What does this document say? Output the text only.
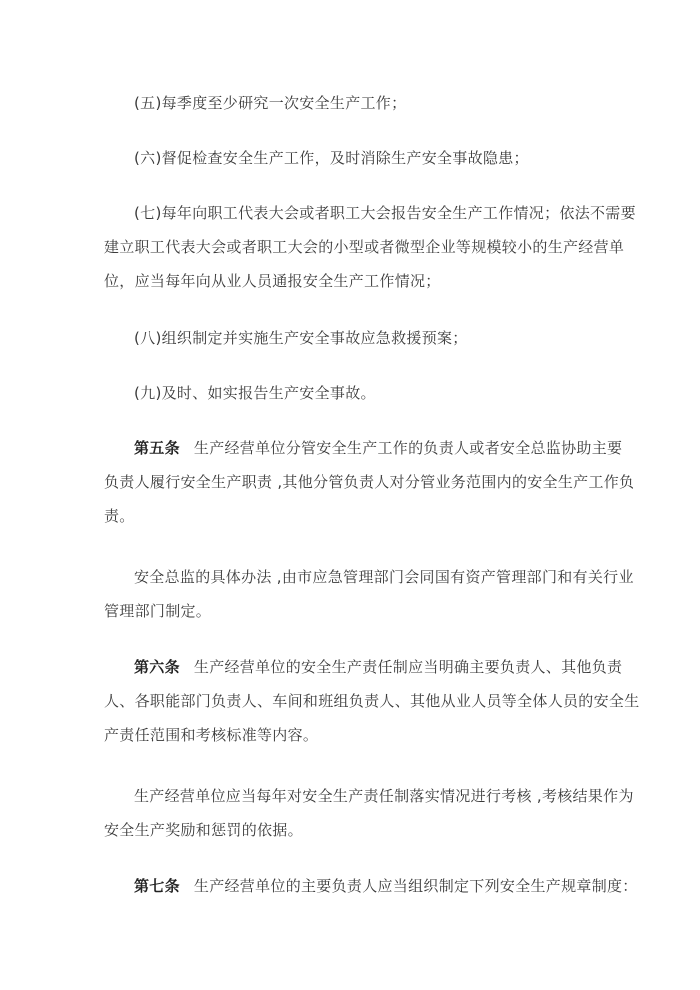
(五)每季度至少研究一次安全生产工作；

(六)督促检查安全生产工作，及时消除生产安全事故隐患；

(七)每年向职工代表大会或者职工大会报告安全生产工作情况；依法不需要
建立职工代表大会或者职工大会的小型或者微型企业等规模较小的生产经营单
位，应当每年向从业人员通报安全生产工作情况；

(八)组织制定并实施生产安全事故应急救援预案；

(九)及时、如实报告生产安全事故。

第五条 生产经营单位分管安全生产工作的负责人或者安全总监协助主要
负责人履行安全生产职责 ,其他分管负责人对分管业务范围内的安全生产工作负
责。

安全总监的具体办法 ,由市应急管理部门会同国有资产管理部门和有关行业
管理部门制定。

第六条 生产经营单位的安全生产责任制应当明确主要负责人、其他负责
人、各职能部门负责人、车间和班组负责人、其他从业人员等全体人员的安全生
产责任范围和考核标准等内容。

生产经营单位应当每年对安全生产责任制落实情况进行考核 ,考核结果作为
安全生产奖励和惩罚的依据。

第七条 生产经营单位的主要负责人应当组织制定下列安全生产规章制度：
